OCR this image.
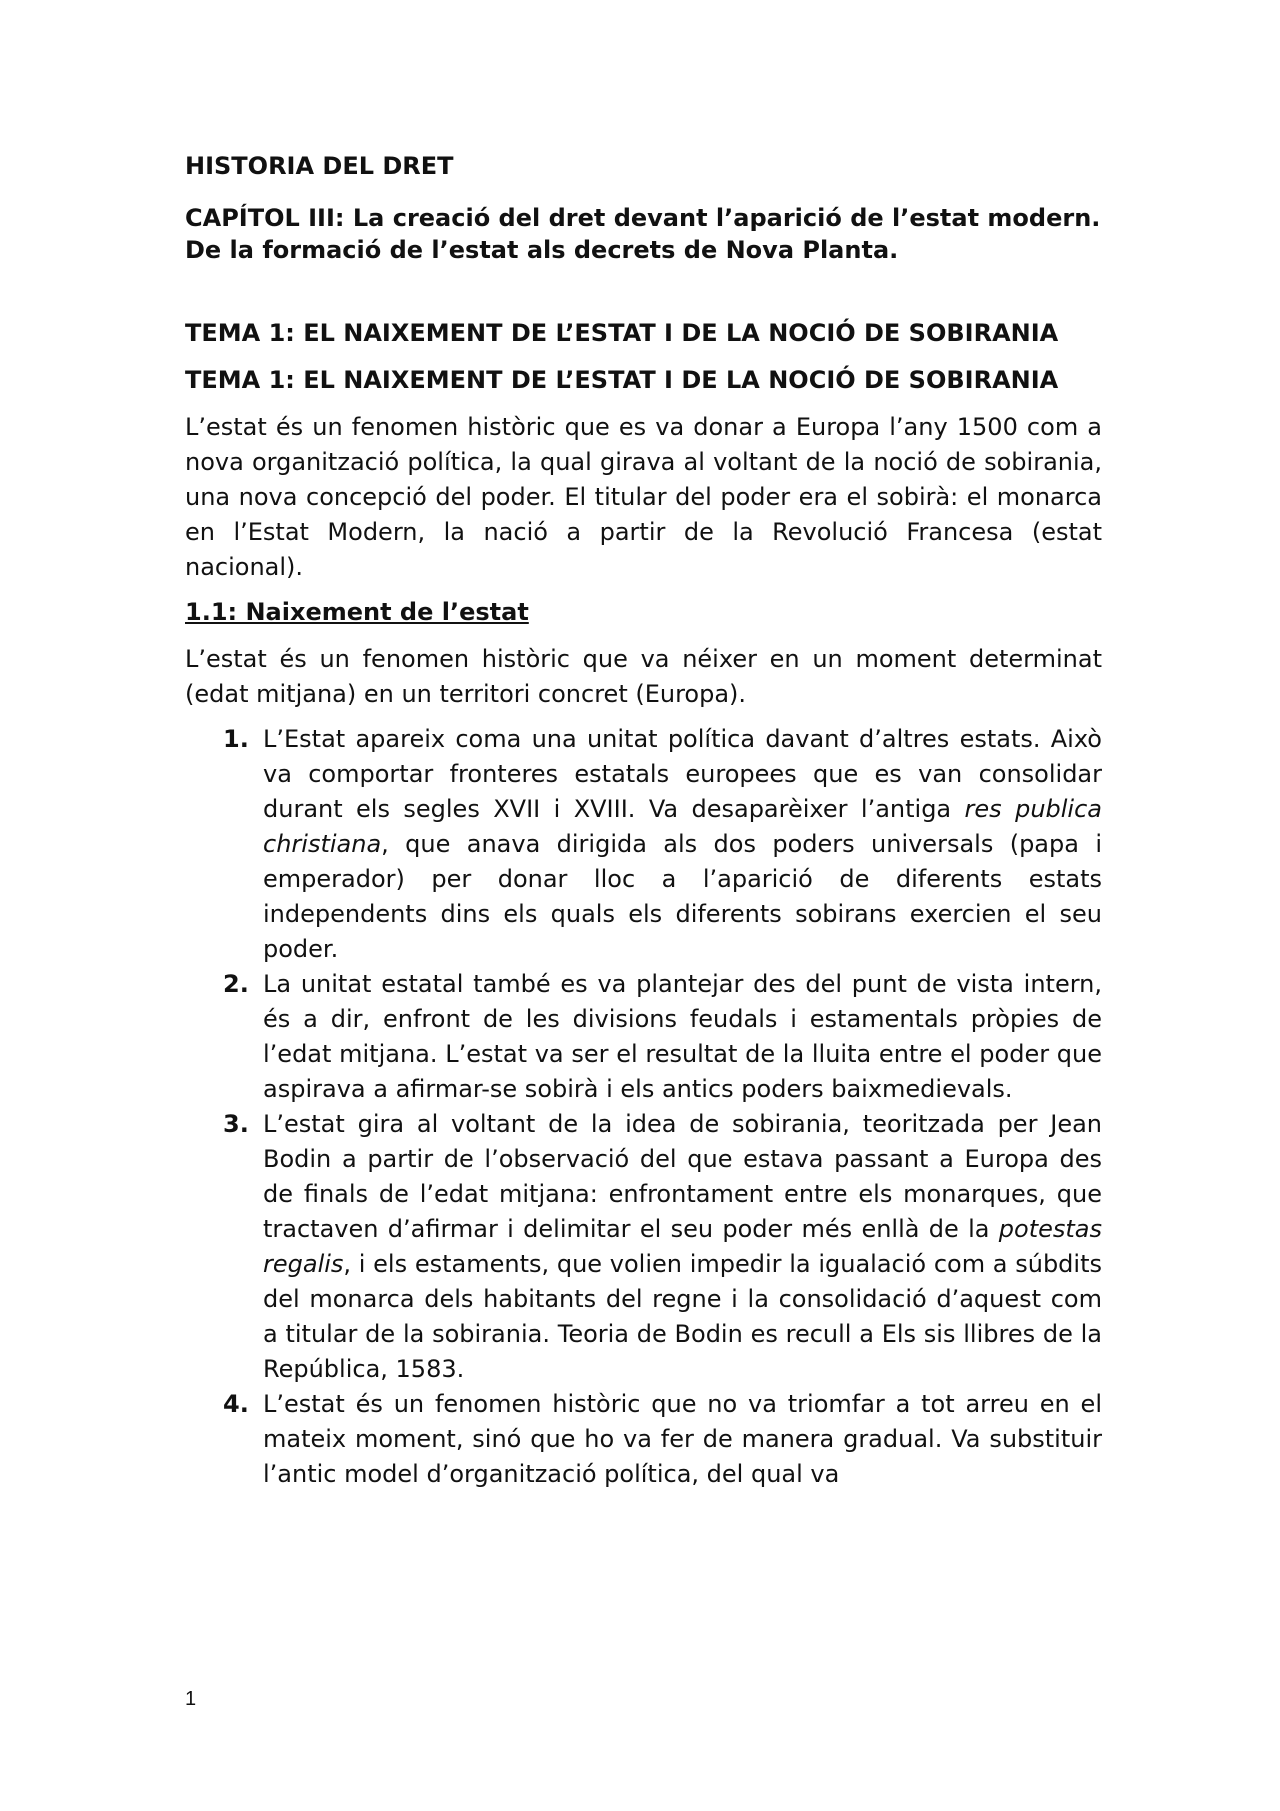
HISTORIA DEL DRET
CAPÍTOL III: La creació del dret devant l’aparició de l’estat modern. De la formació de l’estat als decrets de Nova Planta.
TEMA 1: EL NAIXEMENT DE L’ESTAT I DE LA NOCIÓ DE SOBIRANIA
TEMA 1: EL NAIXEMENT DE L’ESTAT I DE LA NOCIÓ DE SOBIRANIA

L’estat és un fenomen històric que es va donar a Europa l’any 1500 com a nova organització política, la qual girava al voltant de la noció de sobirania, una nova concepció del poder. El titular del poder era el sobirà: el monarca en l’Estat Modern, la nació a partir de la Revolució Francesa (estat nacional).

1.1: Naixement de l’estat

L’estat és un fenomen històric que va néixer en un moment determinat (edat mitjana) en un territori concret (Europa).

1. L’Estat apareix coma una unitat política davant d’altres estats. Això va comportar fronteres estatals europees que es van consolidar durant els segles XVII i XVIII. Va desaparèixer l’antiga res publica christiana, que anava dirigida als dos poders universals (papa i emperador) per donar lloc a l’aparició de diferents estats independents dins els quals els diferents sobirans exercien el seu poder.
2. La unitat estatal també es va plantejar des del punt de vista intern, és a dir, enfront de les divisions feudals i estamentals pròpies de l’edat mitjana. L’estat va ser el resultat de la lluita entre el poder que aspirava a afirmar-se sobirà i els antics poders baixmedievals.
3. L’estat gira al voltant de la idea de sobirania, teoritzada per Jean Bodin a partir de l’observació del que estava passant a Europa des de finals de l’edat mitjana: enfrontament entre els monarques, que tractaven d’afirmar i delimitar el seu poder més enllà de la potestas regalis, i els estaments, que volien impedir la igualació com a súbdits del monarca dels habitants del regne i la consolidació d’aquest com a titular de la sobirania. Teoria de Bodin es recull a Els sis llibres de la República, 1583.
4. L’estat és un fenomen històric que no va triomfar a tot arreu en el mateix moment, sinó que ho va fer de manera gradual. Va substituir l’antic model d’organització política, del qual va
1
